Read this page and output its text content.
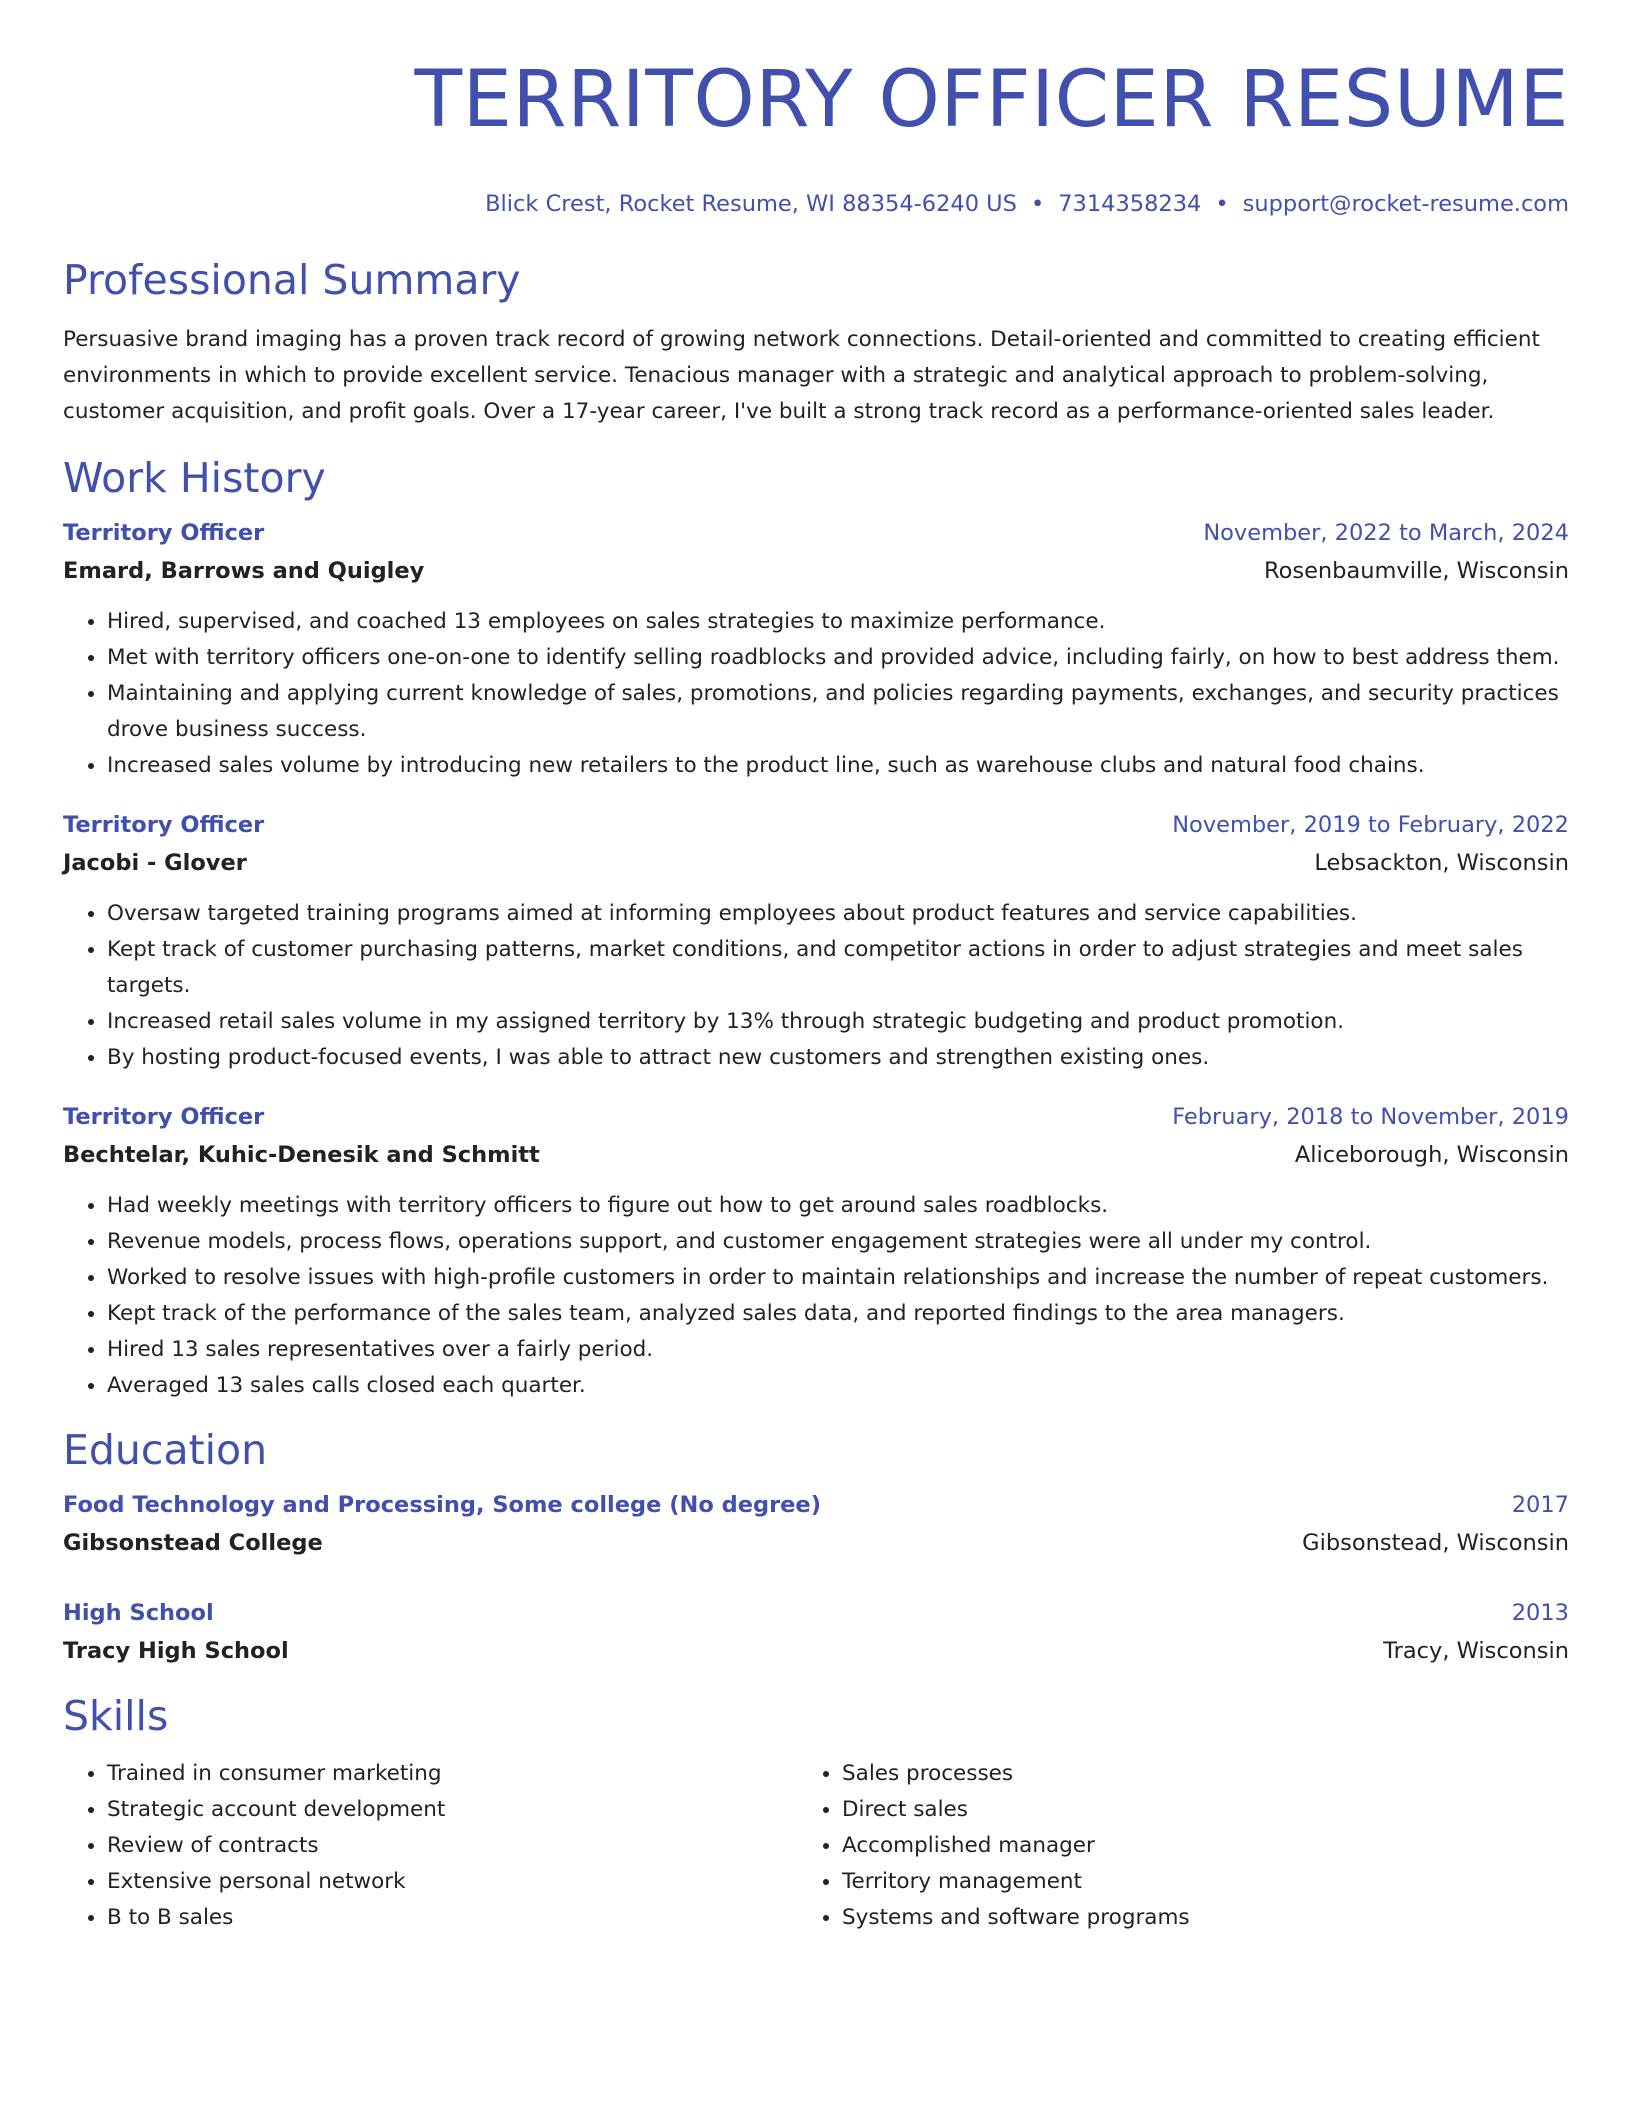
TERRITORY OFFICER RESUME
Blick Crest, Rocket Resume, WI 88354-6240 US • 7314358234 • support@rocket-resume.com
Professional Summary
Persuasive brand imaging has a proven track record of growing network connections. Detail-oriented and committed to creating efficient environments in which to provide excellent service. Tenacious manager with a strategic and analytical approach to problem-solving, customer acquisition, and profit goals. Over a 17-year career, I've built a strong track record as a performance-oriented sales leader.
Work History
Territory Officer	November, 2022 to March, 2024
Emard, Barrows and Quigley	Rosenbaumville, Wisconsin
• Hired, supervised, and coached 13 employees on sales strategies to maximize performance.
• Met with territory officers one-on-one to identify selling roadblocks and provided advice, including fairly, on how to best address them.
• Maintaining and applying current knowledge of sales, promotions, and policies regarding payments, exchanges, and security practices drove business success.
• Increased sales volume by introducing new retailers to the product line, such as warehouse clubs and natural food chains.
Territory Officer	November, 2019 to February, 2022
Jacobi - Glover	Lebsackton, Wisconsin
• Oversaw targeted training programs aimed at informing employees about product features and service capabilities.
• Kept track of customer purchasing patterns, market conditions, and competitor actions in order to adjust strategies and meet sales targets.
• Increased retail sales volume in my assigned territory by 13% through strategic budgeting and product promotion.
• By hosting product-focused events, I was able to attract new customers and strengthen existing ones.
Territory Officer	February, 2018 to November, 2019
Bechtelar, Kuhic-Denesik and Schmitt	Aliceborough, Wisconsin
• Had weekly meetings with territory officers to figure out how to get around sales roadblocks.
• Revenue models, process flows, operations support, and customer engagement strategies were all under my control.
• Worked to resolve issues with high-profile customers in order to maintain relationships and increase the number of repeat customers.
• Kept track of the performance of the sales team, analyzed sales data, and reported findings to the area managers.
• Hired 13 sales representatives over a fairly period.
• Averaged 13 sales calls closed each quarter.
Education
Food Technology and Processing, Some college (No degree)	2017
Gibsonstead College	Gibsonstead, Wisconsin
High School	2013
Tracy High School	Tracy, Wisconsin
Skills
• Trained in consumer marketing
• Strategic account development
• Review of contracts
• Extensive personal network
• B to B sales
• Sales processes
• Direct sales
• Accomplished manager
• Territory management
• Systems and software programs
